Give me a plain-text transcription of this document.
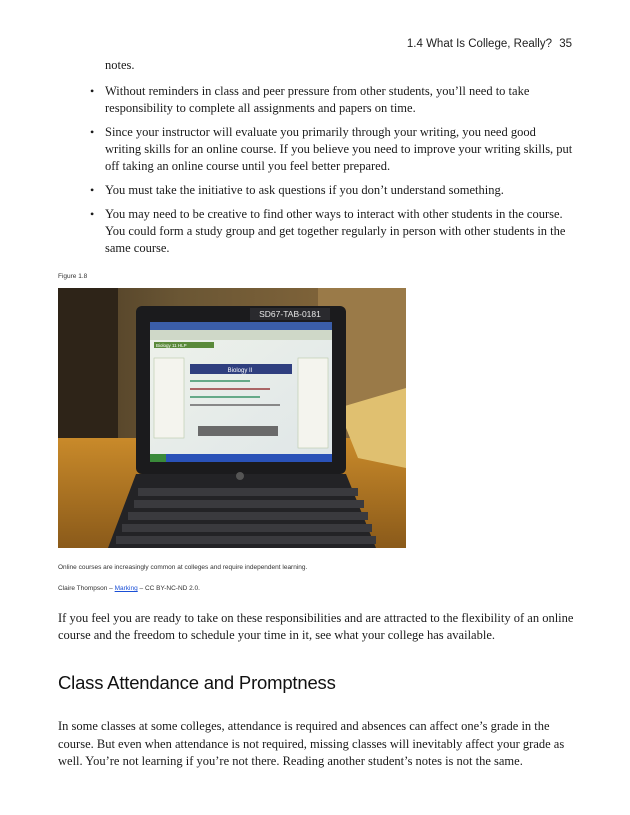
1.4 What Is College, Really? 35

notes.

• Without reminders in class and peer pressure from other students, you’ll need to take responsibility to complete all assignments and papers on time.
• Since your instructor will evaluate you primarily through your writing, you need good writing skills for an online course. If you believe you need to improve your writing skills, put off taking an online course until you feel better prepared.
• You must take the initiative to ask questions if you don’t understand something.
• You may need to be creative to find other ways to interact with other students in the course. You could form a study group and get together regularly in person with other students in the same course.
Figure 1.8
SD67-TAB-0181
Biology 11 HLP
Biology II
Online courses are increasingly common at colleges and require independent learning.
Claire Thompson – Marking – CC BY-NC-ND 2.0.

If you feel you are ready to take on these responsibilities and are attracted to the flexibility of an online course and the freedom to schedule your time in it, see what your college has available.

Class Attendance and Promptness

In some classes at some colleges, attendance is required and absences can affect one’s grade in the course. But even when attendance is not required, missing classes will inevitably affect your grade as well. You’re not learning if you’re not there. Reading another student’s notes is not the same.
